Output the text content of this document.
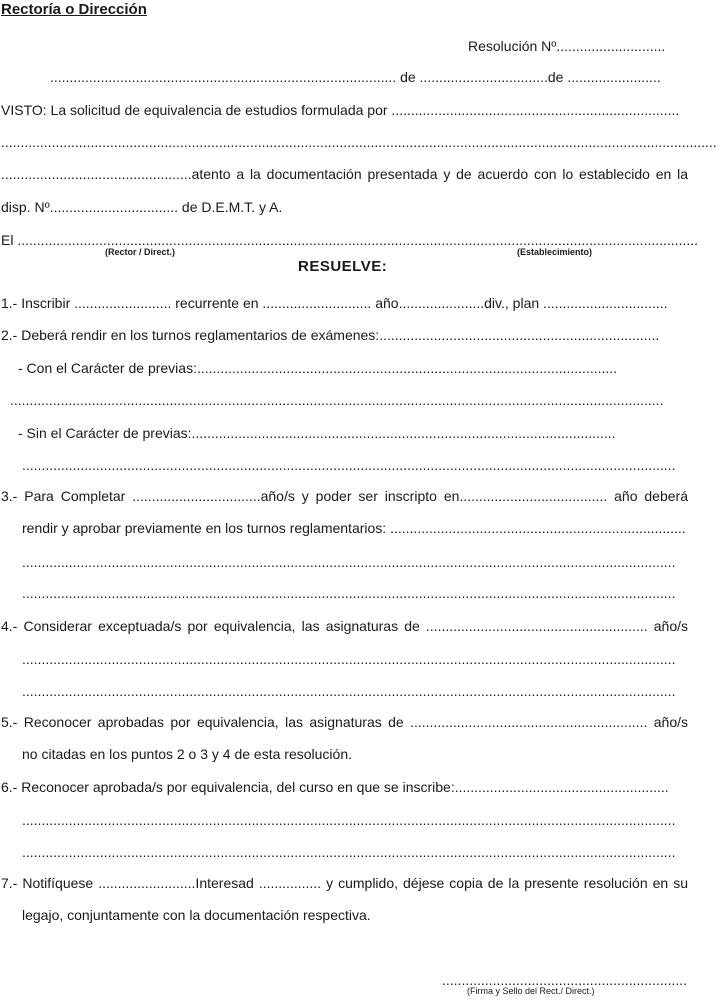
Rectoría o Dirección
Resolución Nº............................
......................................................................................... de .................................de ........................
VISTO: La solicitud de equivalencia de estudios formulada por ..........................................................................
........................................................................................................................................................................................
.................................................atento a la documentación presentada y de acuerdo con lo establecido en la
disp. Nº................................. de D.E.M.T. y A.
El ...............................................................................................................................................................................
(Rector / Direct.)	(Establecimiento)
RESUELVE:
1.- Inscribir ......................... recurrente en ............................ año......................div., plan ................................
2.- Deberá rendir en los turnos reglamentarios de exámenes:........................................................................
- Con el Carácter de previas:............................................................................................................
........................................................................................................................................................................
- Sin el Carácter de previas:.............................................................................................................
........................................................................................................................................................................
3.- Para Completar .................................año/s y poder ser inscripto en...................................... año deberá
rendir y aprobar previamente en los turnos reglamentarios: ............................................................................
........................................................................................................................................................................
........................................................................................................................................................................
4.- Considerar exceptuada/s por equivalencia, las asignaturas de ......................................................... año/s
........................................................................................................................................................................
........................................................................................................................................................................
5.- Reconocer aprobadas por equivalencia, las asignaturas de ............................................................. año/s
no citadas en los puntos 2 o 3 y 4 de esta resolución.
6.- Reconocer aprobada/s por equivalencia, del curso en que se inscribe:.......................................................
........................................................................................................................................................................
........................................................................................................................................................................
7.- Notifíquese .........................Interesad ................ y cumplido, déjese copia de la presente resolución en su
legajo, conjuntamente con la documentación respectiva.
...............................................................
(Firma y Sello del Rect./ Direct.)
